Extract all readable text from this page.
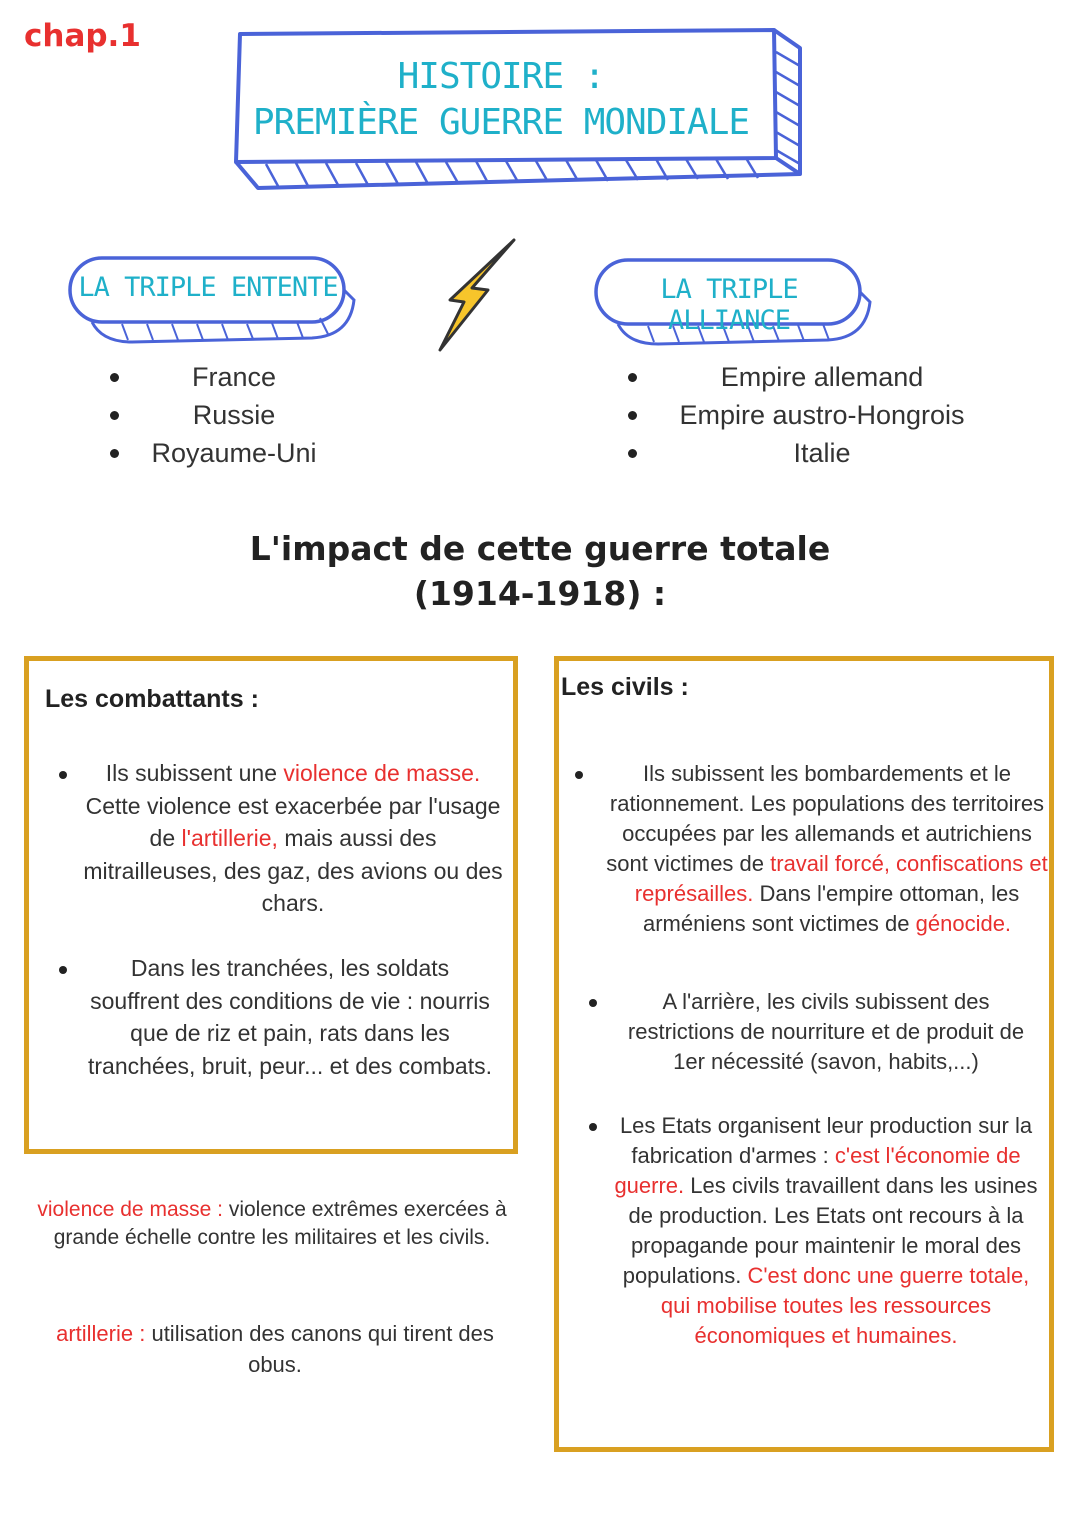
chap.1
HISTOIRE :
PREMIÈRE GUERRE MONDIALE
LA TRIPLE ENTENTE	LA TRIPLE ALLIANCE
France
Russie
Royaume-Uni
Empire allemand
Empire austro-Hongrois
Italie
L'impact de cette guerre totale
(1914-1918) :
Les combattants :
Ils subissent une violence de masse. Cette violence est exacerbée par l'usage de l'artillerie, mais aussi des mitrailleuses, des gaz, des avions ou des chars.
Dans les tranchées, les soldats souffrent des conditions de vie : nourris que de riz et pain, rats dans les tranchées, bruit, peur... et des combats.
violence de masse : violence extrêmes exercées à grande échelle contre les militaires et les civils.
artillerie : utilisation des canons qui tirent des obus.
Les civils :
Ils subissent les bombardements et le rationnement. Les populations des territoires occupées par les allemands et autrichiens sont victimes de travail forcé, confiscations et représailles. Dans l'empire ottoman, les arméniens sont victimes de génocide.
A l'arrière, les civils subissent des restrictions de nourriture et de produit de 1er nécessité (savon, habits,...)
Les Etats organisent leur production sur la fabrication d'armes : c'est l'économie de guerre. Les civils travaillent dans les usines de production. Les Etats ont recours à la propagande pour maintenir le moral des populations. C'est donc une guerre totale, qui mobilise toutes les ressources économiques et humaines.
